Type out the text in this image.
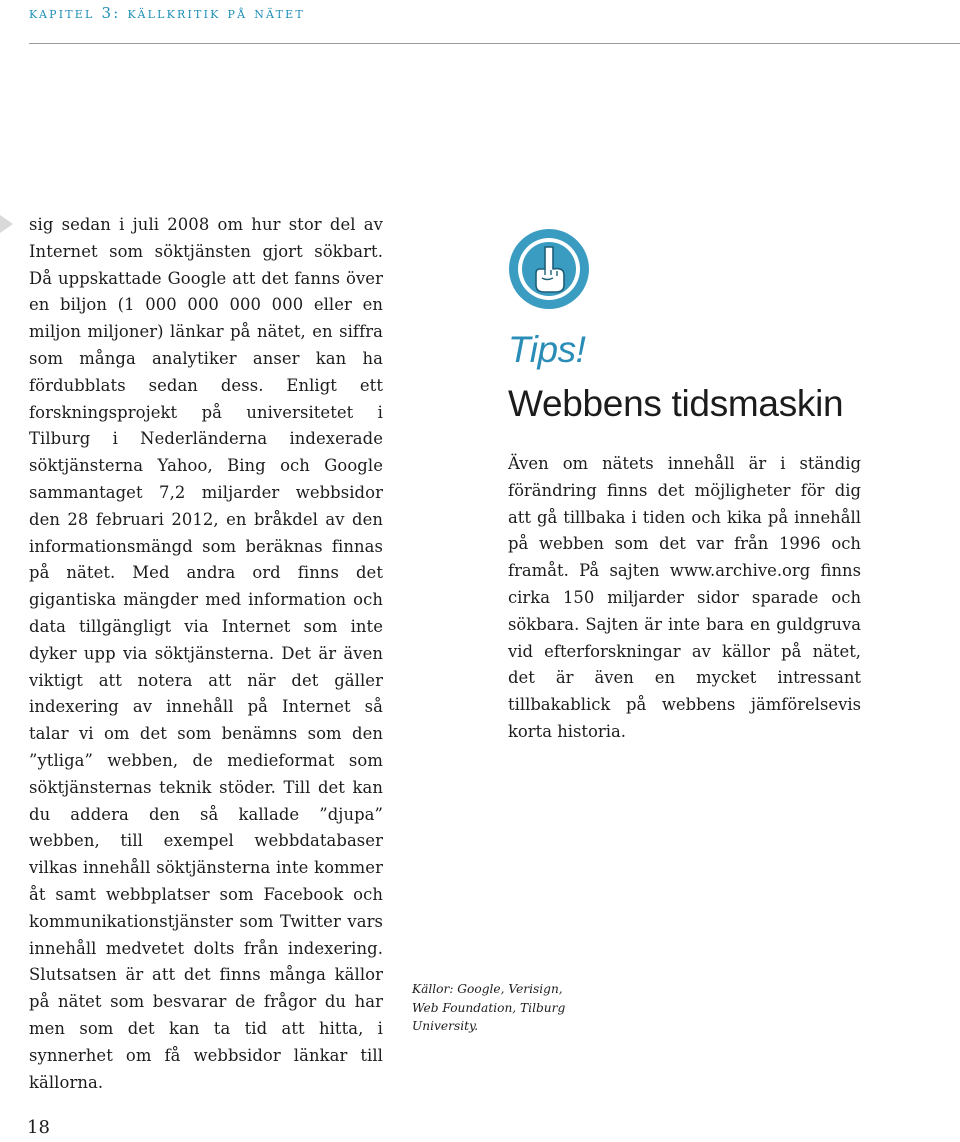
kapitel 3: källkritik på nätet
sig sedan i juli 2008 om hur stor del av Internet som söktjänsten gjort sökbart. Då uppskattade Google att det fanns över en biljon (1 000 000 000 000 eller en miljon miljoner) länkar på nätet, en siffra som många analytiker anser kan ha fördubblats sedan dess. Enligt ett forskningsprojekt på universitetet i Tilburg i Nederländerna indexerade söktjänsterna Yahoo, Bing och Google sammantaget 7,2 miljarder webbsidor den 28 februari 2012, en bråkdel av den informationsmängd som beräknas finnas på nätet. Med andra ord finns det gigantiska mängder med information och data tillgängligt via Internet som inte dyker upp via söktjänsterna. Det är även viktigt att notera att när det gäller indexering av innehåll på Internet så talar vi om det som benämns som den ”ytliga” webben, de medieformat som söktjänsternas teknik stöder. Till det kan du addera den så kallade ”djupa” webben, till exempel webbdatabaser vilkas innehåll söktjänsterna inte kommer åt samt webbplatser som Facebook och kommunikationstjänster som Twitter vars innehåll medvetet dolts från indexering. Slutsatsen är att det finns många källor på nätet som besvarar de frågor du har men som det kan ta tid att hitta, i synnerhet om få webbsidor länkar till källorna.
Tips!
Webbens tidsmaskin
Även om nätets innehåll är i ständig förändring finns det möjligheter för dig att gå tillbaka i tiden och kika på innehåll på webben som det var från 1996 och framåt. På sajten www.archive.org finns cirka 150 miljarder sidor sparade och sökbara. Sajten är inte bara en guldgruva vid efterforskningar av källor på nätet, det är även en mycket intressant tillbakablick på webbens jämförelsevis korta historia.
Källor: Google, Verisign, Web Foundation, Tilburg University.
18
